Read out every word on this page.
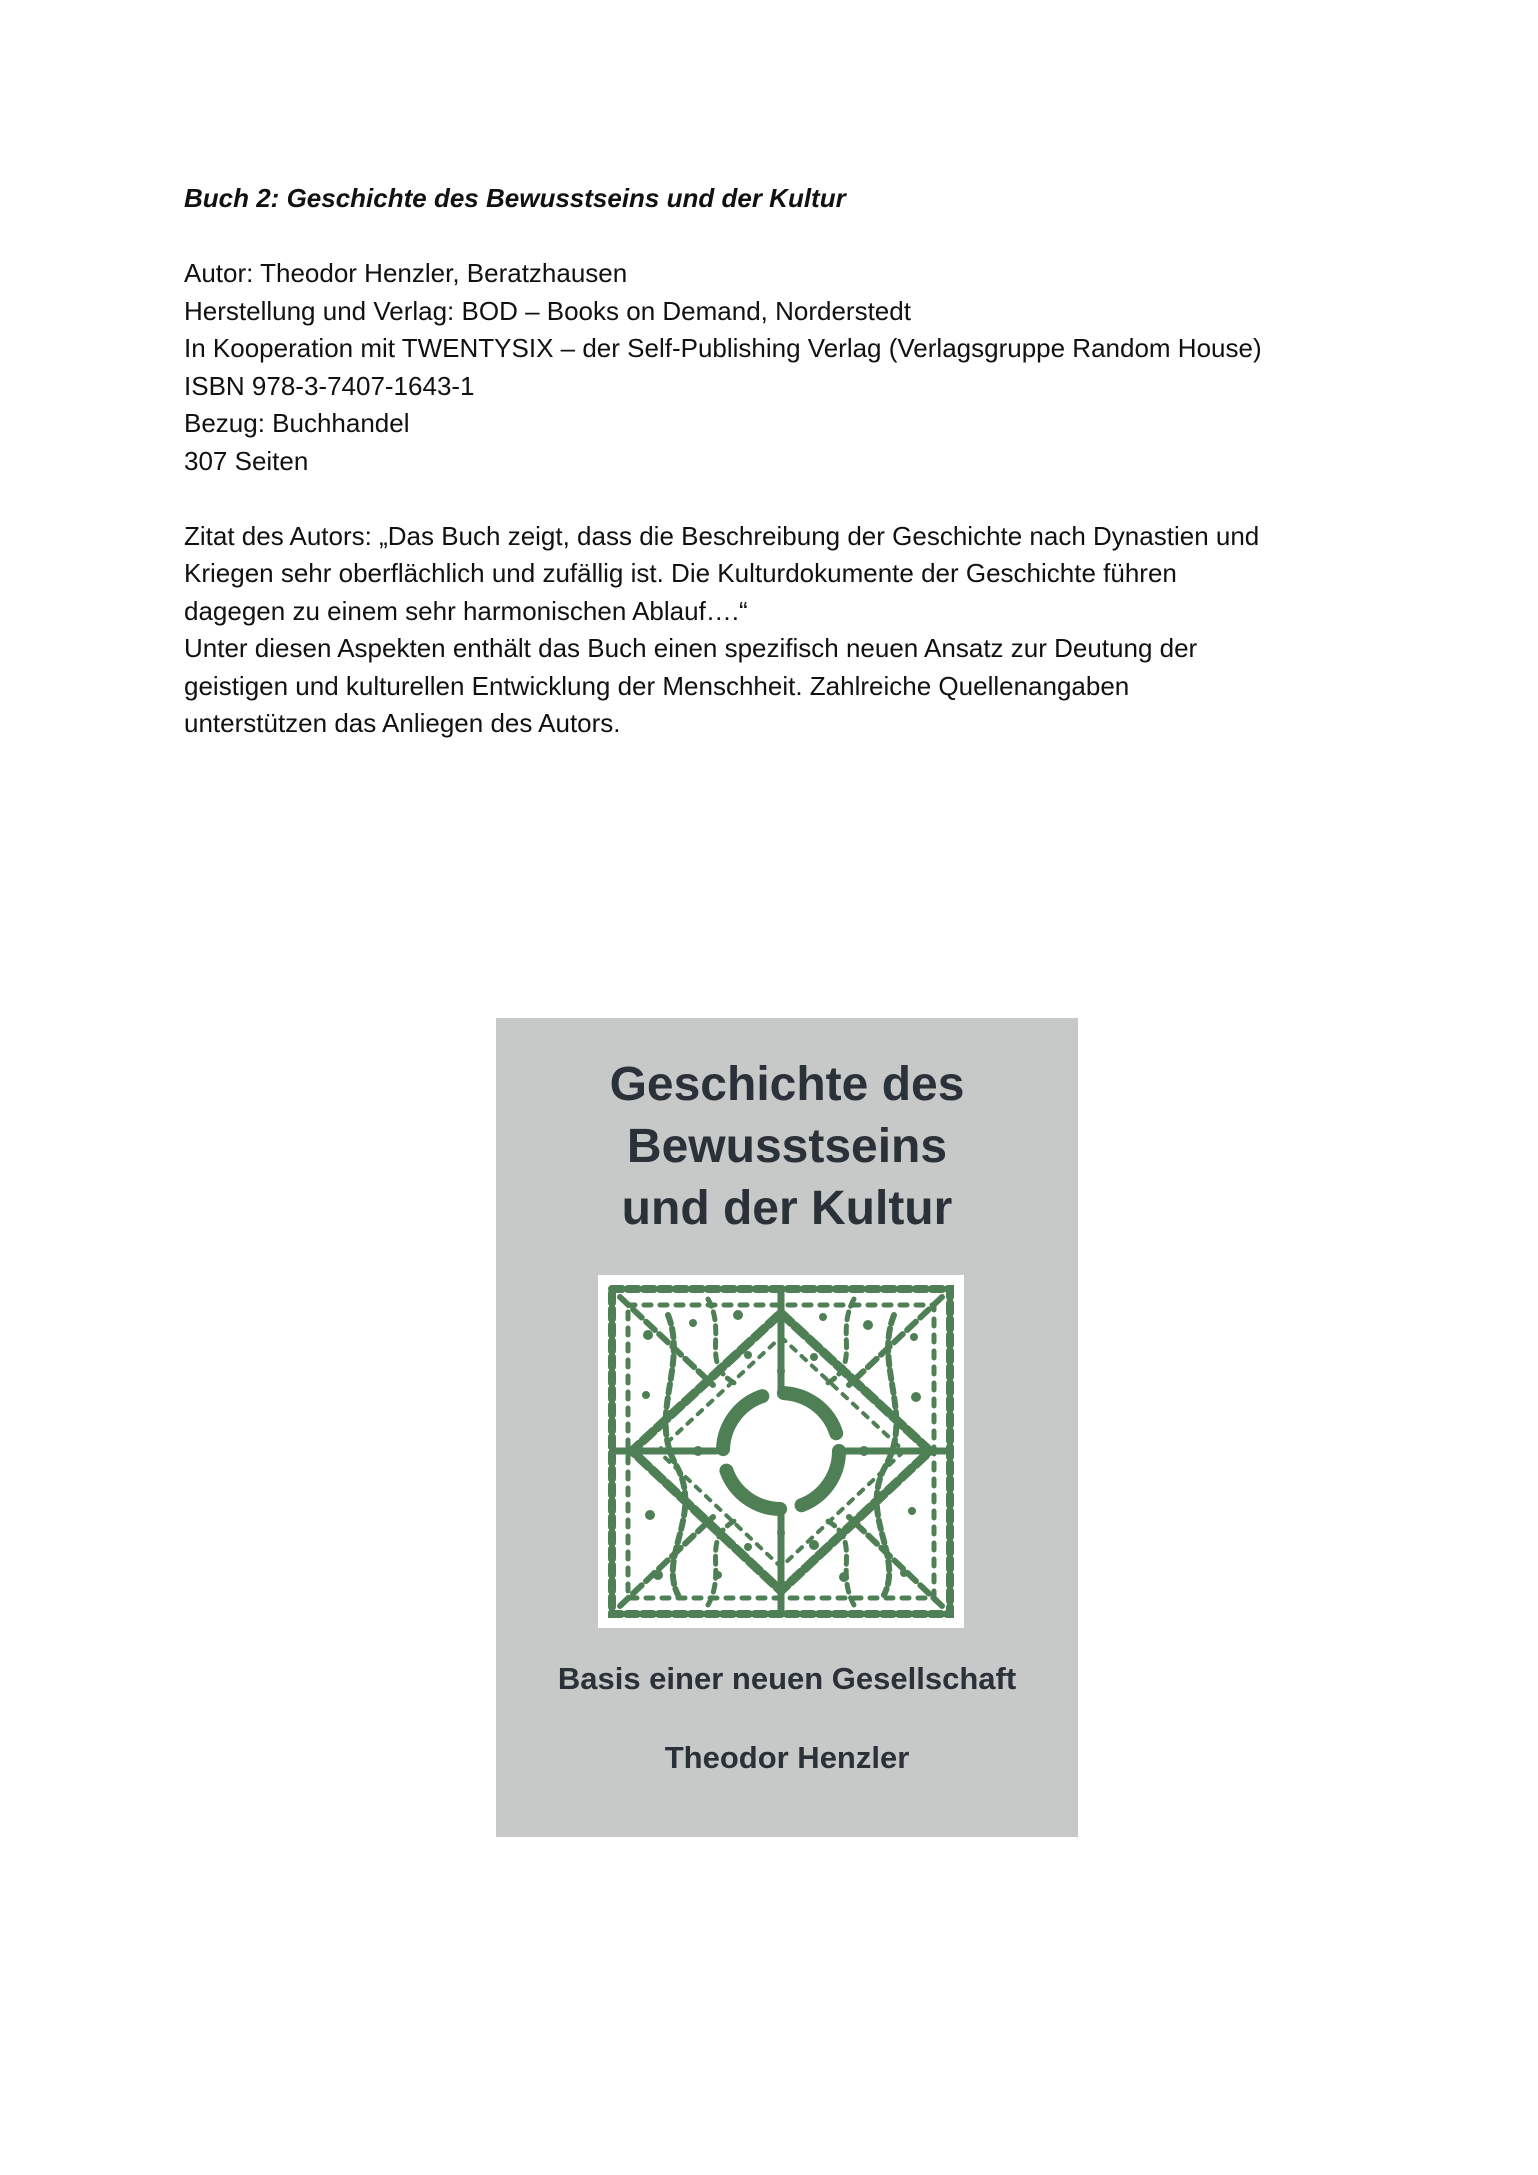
Buch 2: Geschichte des Bewusstseins und der Kultur

Autor: Theodor Henzler, Beratzhausen

Herstellung und Verlag: BOD – Books on Demand, Norderstedt

In Kooperation mit TWENTYSIX – der Self-Publishing Verlag (Verlagsgruppe Random House)

ISBN 978-3-7407-1643-1

Bezug: Buchhandel

307 Seiten

Zitat des Autors: „Das Buch zeigt, dass die Beschreibung der Geschichte nach Dynastien und

Kriegen sehr oberflächlich und zufällig ist. Die Kulturdokumente der Geschichte führen

dagegen zu einem sehr harmonischen Ablauf….“

Unter diesen Aspekten enthält das Buch einen spezifisch neuen Ansatz zur Deutung der

geistigen und kulturellen Entwicklung der Menschheit. Zahlreiche Quellenangaben

unterstützen das Anliegen des Autors.

Geschichte des
Bewusstseins
und der Kultur
Basis einer neuen Gesellschaft
Theodor Henzler
